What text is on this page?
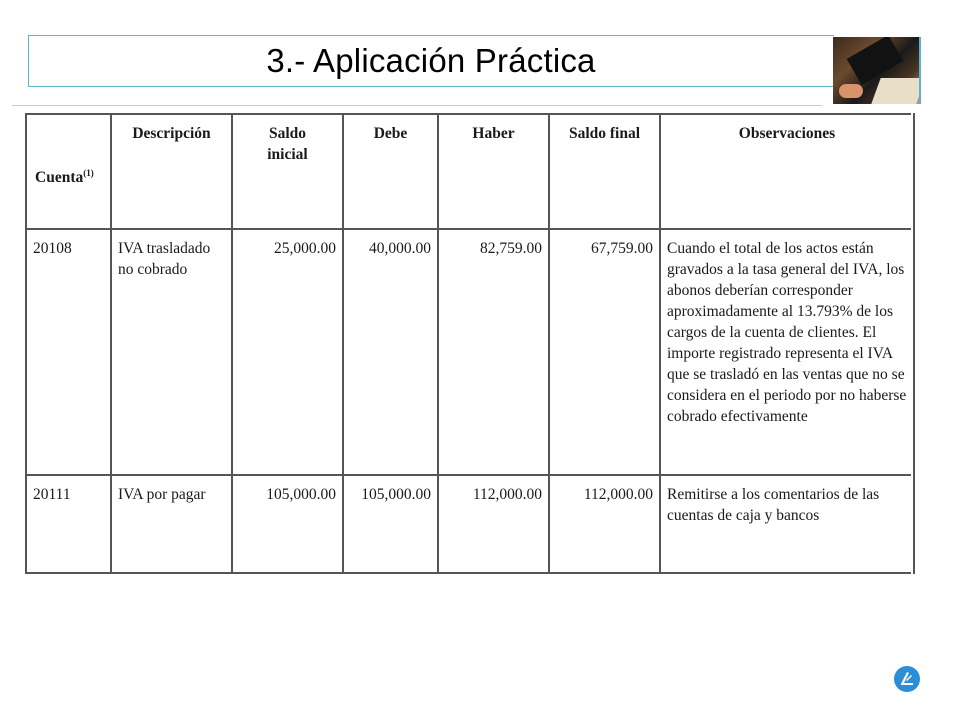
3.- Aplicación Práctica
Cuenta$^{(1)}$	Descripción	Saldo inicial	Debe	Haber	Saldo final	Observaciones
20108	IVA trasladado no cobrado	25,000.00	40,000.00	82,759.00	67,759.00	Cuando el total de los actos están gravados a la tasa general del IVA, los abonos deberían corresponder aproximadamente al 13.793% de los cargos de la cuenta de clientes. El importe registrado representa el IVA que se trasladó en las ventas que no se considera en el periodo por no haberse cobrado efectivamente
20111	IVA por pagar	105,000.00	105,000.00	112,000.00	112,000.00	Remitirse a los comentarios de las cuentas de caja y bancos
